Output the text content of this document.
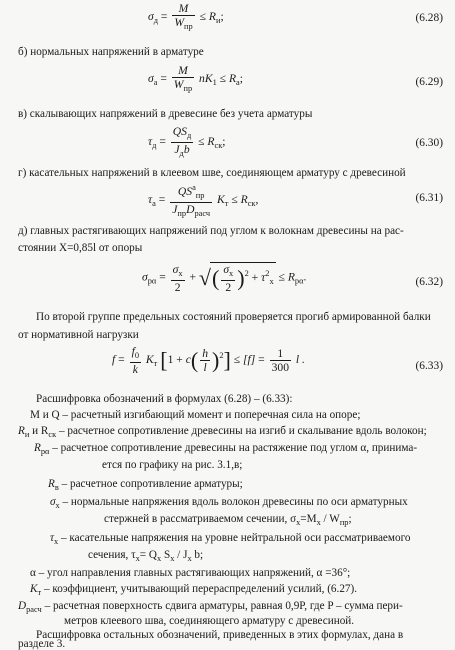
$\sigma_д = \frac{M}{W_{пр}} \le R_и$;	(6.28)
б) нормальных напряжений в арматуре
$\sigma_а = \frac{M}{W_{пр}} nK_1 \le R_а$;	(6.29)
в) скалывающих напряжений в древесине без учета арматуры
$\tau_д = \frac{QS_д}{J_дb} \le R_{ск}$;	(6.30)
г) касательных напряжений в клеевом шве, соединяющем арматуру с древесиной
$\tau_а = \frac{QS^а_{пр}}{J_{пр}D_{расч}} K_т \le R_{ск}$,	(6.31)
д) главных растягивающих напряжений под углом к волокнам древесины на рас-
стоянии X=0,85l от опоры
$\sigma_{р\alpha} = \frac{\sigma_x}{2}$ + √( $\frac{\sigma_x}{2} )^2 + \tau^2_x \le R_{р\alpha}$.	(6.32)
По второй группе предельных состояний проверяется прогиб армированной балки
от нормативной нагрузки
$f = \frac{f_0}{k} K_т$ $[1 + c( \frac{h}{l} )^2] \le [f] = \frac{1}{300}$ l .	(6.33)
Расшифровка обозначений в формулах (6.28) – (6.33):
M и Q – расчетный изгибающий момент и поперечная сила на опоре;
$R_и$ и $R_{ск}$ – расчетное сопротивление древесины на изгиб и скалывание вдоль волокон;
$R_{р\alpha}$ – расчетное сопротивление древесины на растяжение под углом α, принима-
ется по графику на рис. 3.1,в;
$R_в$ – расчетное сопротивление арматуры;
$\sigma_x$ – нормальные напряжения вдоль волокон древесины по оси арматурных
стержней в рассматриваемом сечении, $\sigma_x=M_x / W_{пр}$;
$\tau_x$ – касательные напряжения на уровне нейтральной оси рассматриваемого
сечения, $\tau_x= Q_x$ $S_x / J_x$ b;
α – угол направления главных растягивающих напряжений, α =36°;
$K_т$ – коэффициент, учитывающий перераспределений усилий, (6.27).
$D_{расч}$ – расчетная поверхность сдвига арматуры, равная 0,9P, где P – сумма пери-
метров клеевого шва, соединяющего арматуру с древесиной.
Расшифровка остальных обозначений, приведенных в этих формулах, дана в
разделе 3.
